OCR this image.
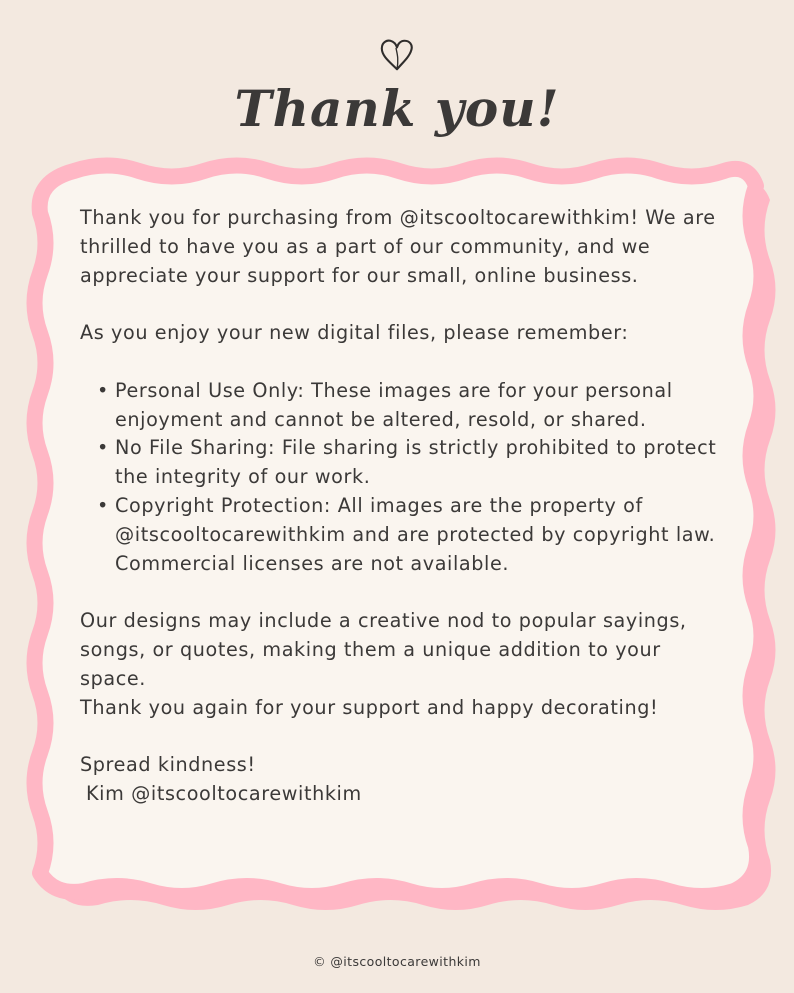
Thank you!

Thank you for purchasing from @itscooltocarewithkim! We are thrilled to have you as a part of our community, and we appreciate your support for our small, online business.

As you enjoy your new digital files, please remember:

• Personal Use Only: These images are for your personal enjoyment and cannot be altered, resold, or shared.
• No File Sharing: File sharing is strictly prohibited to protect the integrity of our work.
• Copyright Protection: All images are the property of @itscooltocarewithkim and are protected by copyright law. Commercial licenses are not available.

Our designs may include a creative nod to popular sayings, songs, or quotes, making them a unique addition to your space.

Thank you again for your support and happy decorating!

Spread kindness!

Kim @itscooltocarewithkim

© @itscooltocarewithkim
